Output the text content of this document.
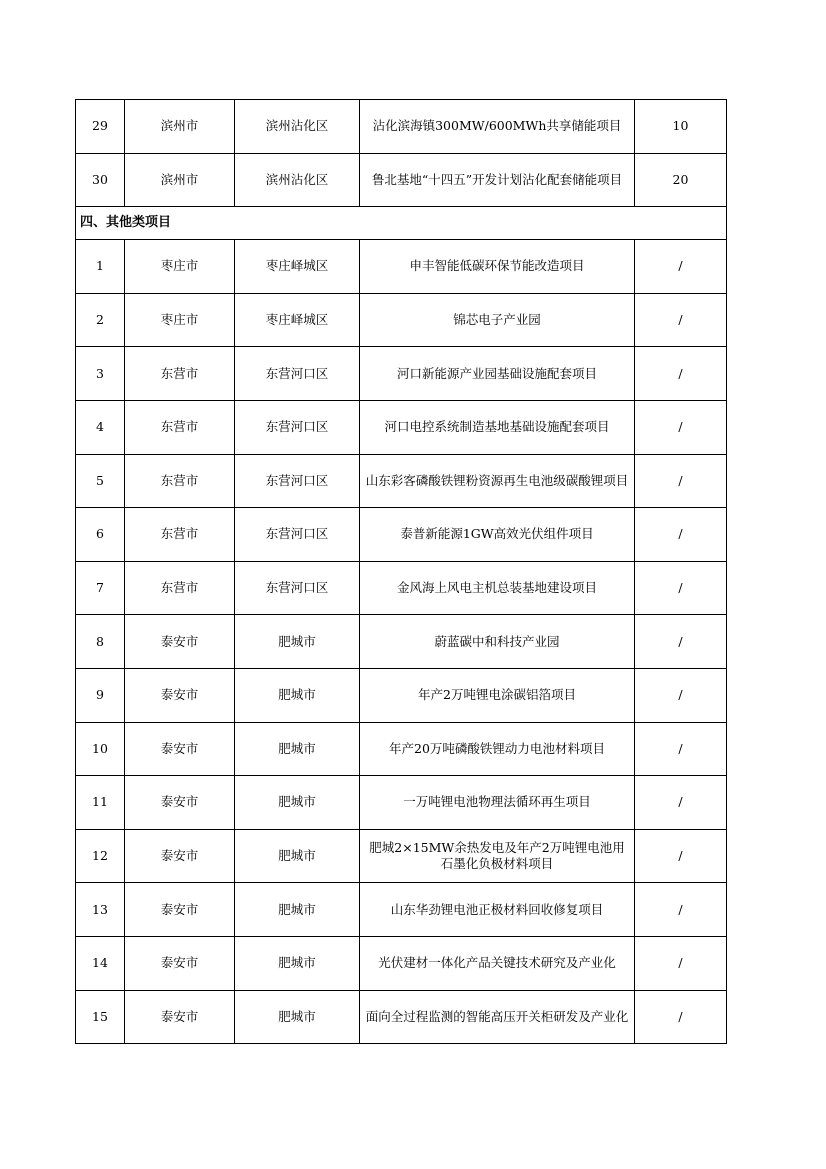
29	滨州市	滨州沾化区	沾化滨海镇300MW/600MWh共享储能项目	10
30	滨州市	滨州沾化区	鲁北基地“十四五”开发计划沾化配套储能项目	20
四、其他类项目				
1	枣庄市	枣庄峄城区	申丰智能低碳环保节能改造项目	/
2	枣庄市	枣庄峄城区	锦芯电子产业园	/
3	东营市	东营河口区	河口新能源产业园基础设施配套项目	/
4	东营市	东营河口区	河口电控系统制造基地基础设施配套项目	/
5	东营市	东营河口区	山东彩客磷酸铁锂粉资源再生电池级碳酸锂项目	/
6	东营市	东营河口区	泰普新能源1GW高效光伏组件项目	/
7	东营市	东营河口区	金风海上风电主机总装基地建设项目	/
8	泰安市	肥城市	蔚蓝碳中和科技产业园	/
9	泰安市	肥城市	年产2万吨锂电涂碳铝箔项目	/
10	泰安市	肥城市	年产20万吨磷酸铁锂动力电池材料项目	/
11	泰安市	肥城市	一万吨锂电池物理法循环再生项目	/
12	泰安市	肥城市	肥城2×15MW余热发电及年产2万吨锂电池用石墨化负极材料项目	/
13	泰安市	肥城市	山东华劲锂电池正极材料回收修复项目	/
14	泰安市	肥城市	光伏建材一体化产品关键技术研究及产业化	/
15	泰安市	肥城市	面向全过程监测的智能高压开关柜研发及产业化	/
